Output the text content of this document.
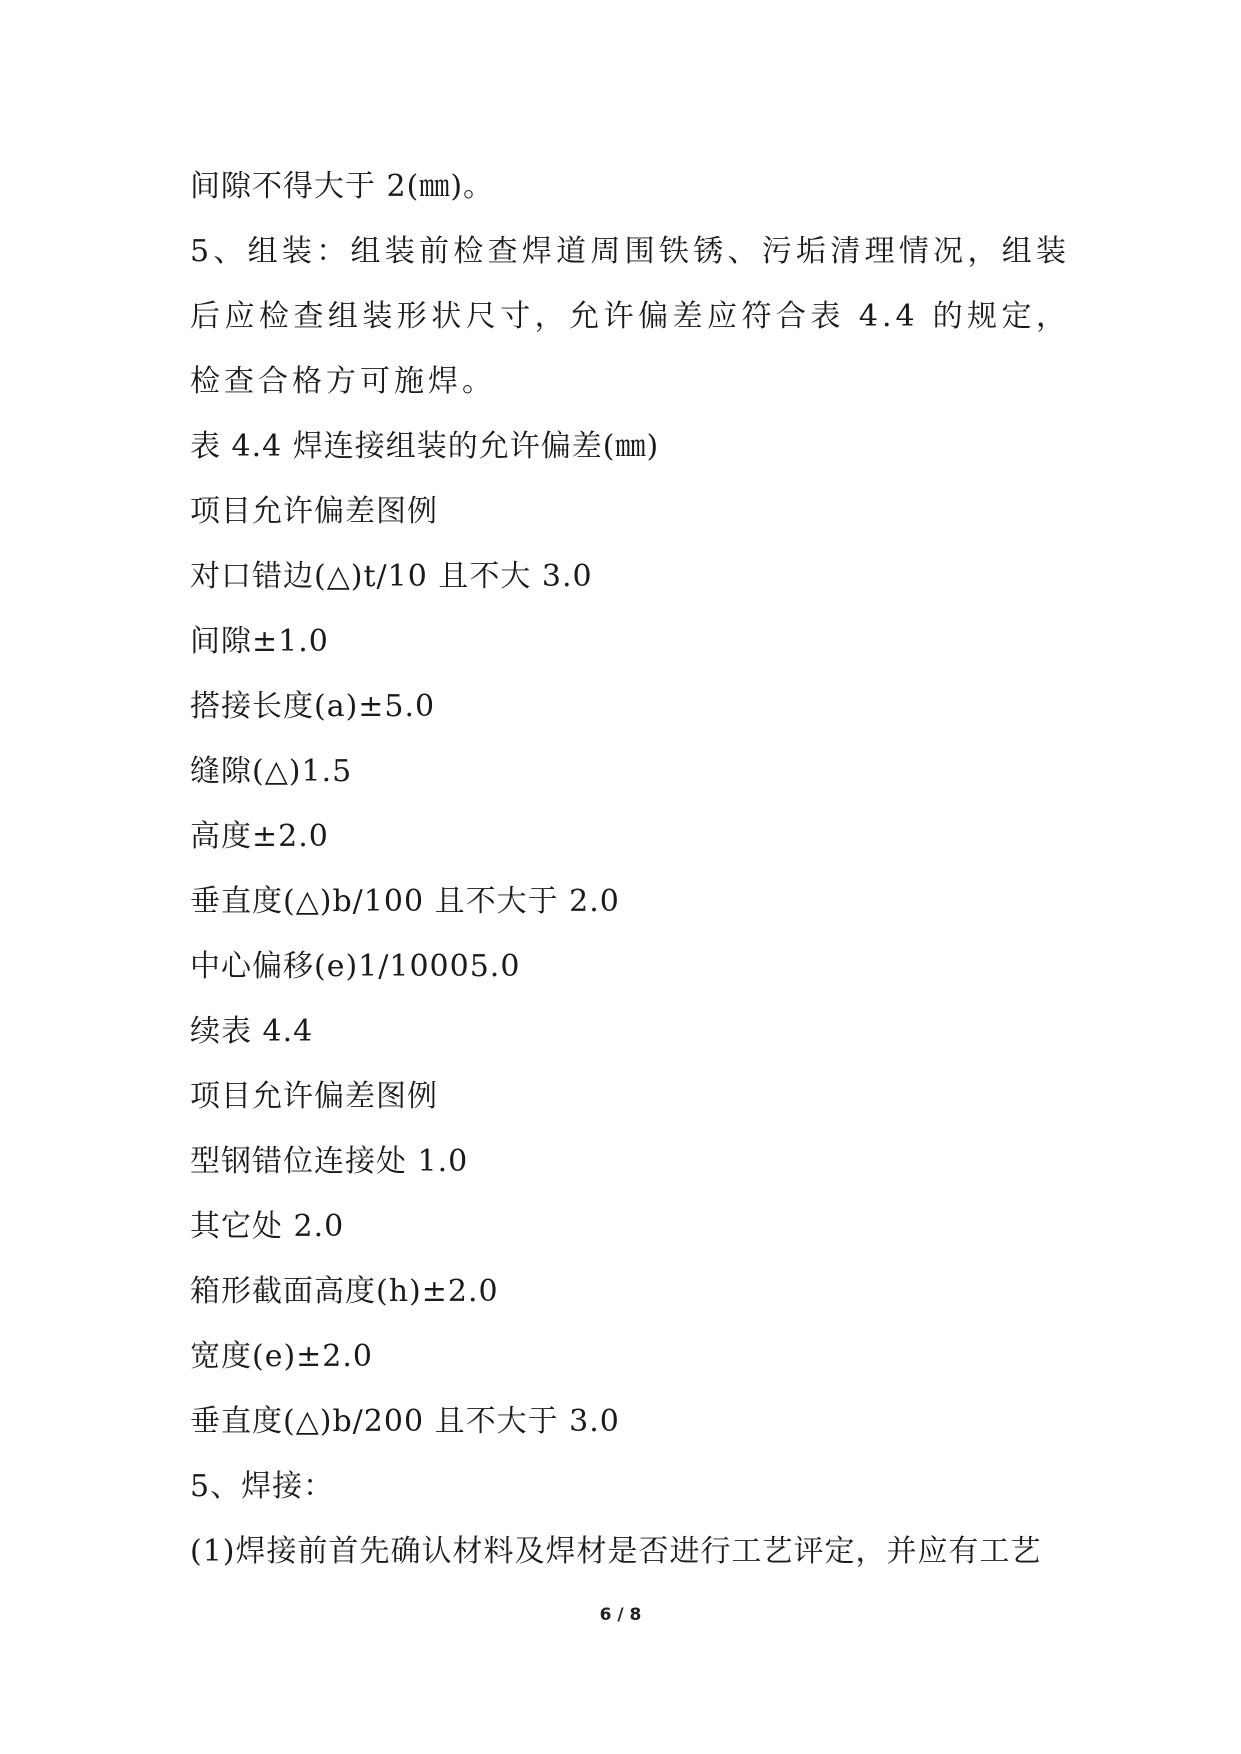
间隙不得大于 2(㎜)。
5、组装：组装前检查焊道周围铁锈、污垢清理情况，组装后应检查组装形状尺寸，允许偏差应符合表 4.4 的规定，检查合格方可施焊。
表 4.4 焊连接组装的允许偏差(㎜)
项目允许偏差图例
对口错边(△)t/10 且不大 3.0
间隙±1.0
搭接长度(a)±5.0
缝隙(△)1.5
高度±2.0
垂直度(△)b/100 且不大于 2.0
中心偏移(e)1/10005.0
续表 4.4
项目允许偏差图例
型钢错位连接处 1.0
其它处 2.0
箱形截面高度(h)±2.0
宽度(e)±2.0
垂直度(△)b/200 且不大于 3.0
5、焊接：
(1)焊接前首先确认材料及焊材是否进行工艺评定，并应有工艺
6 / 8
